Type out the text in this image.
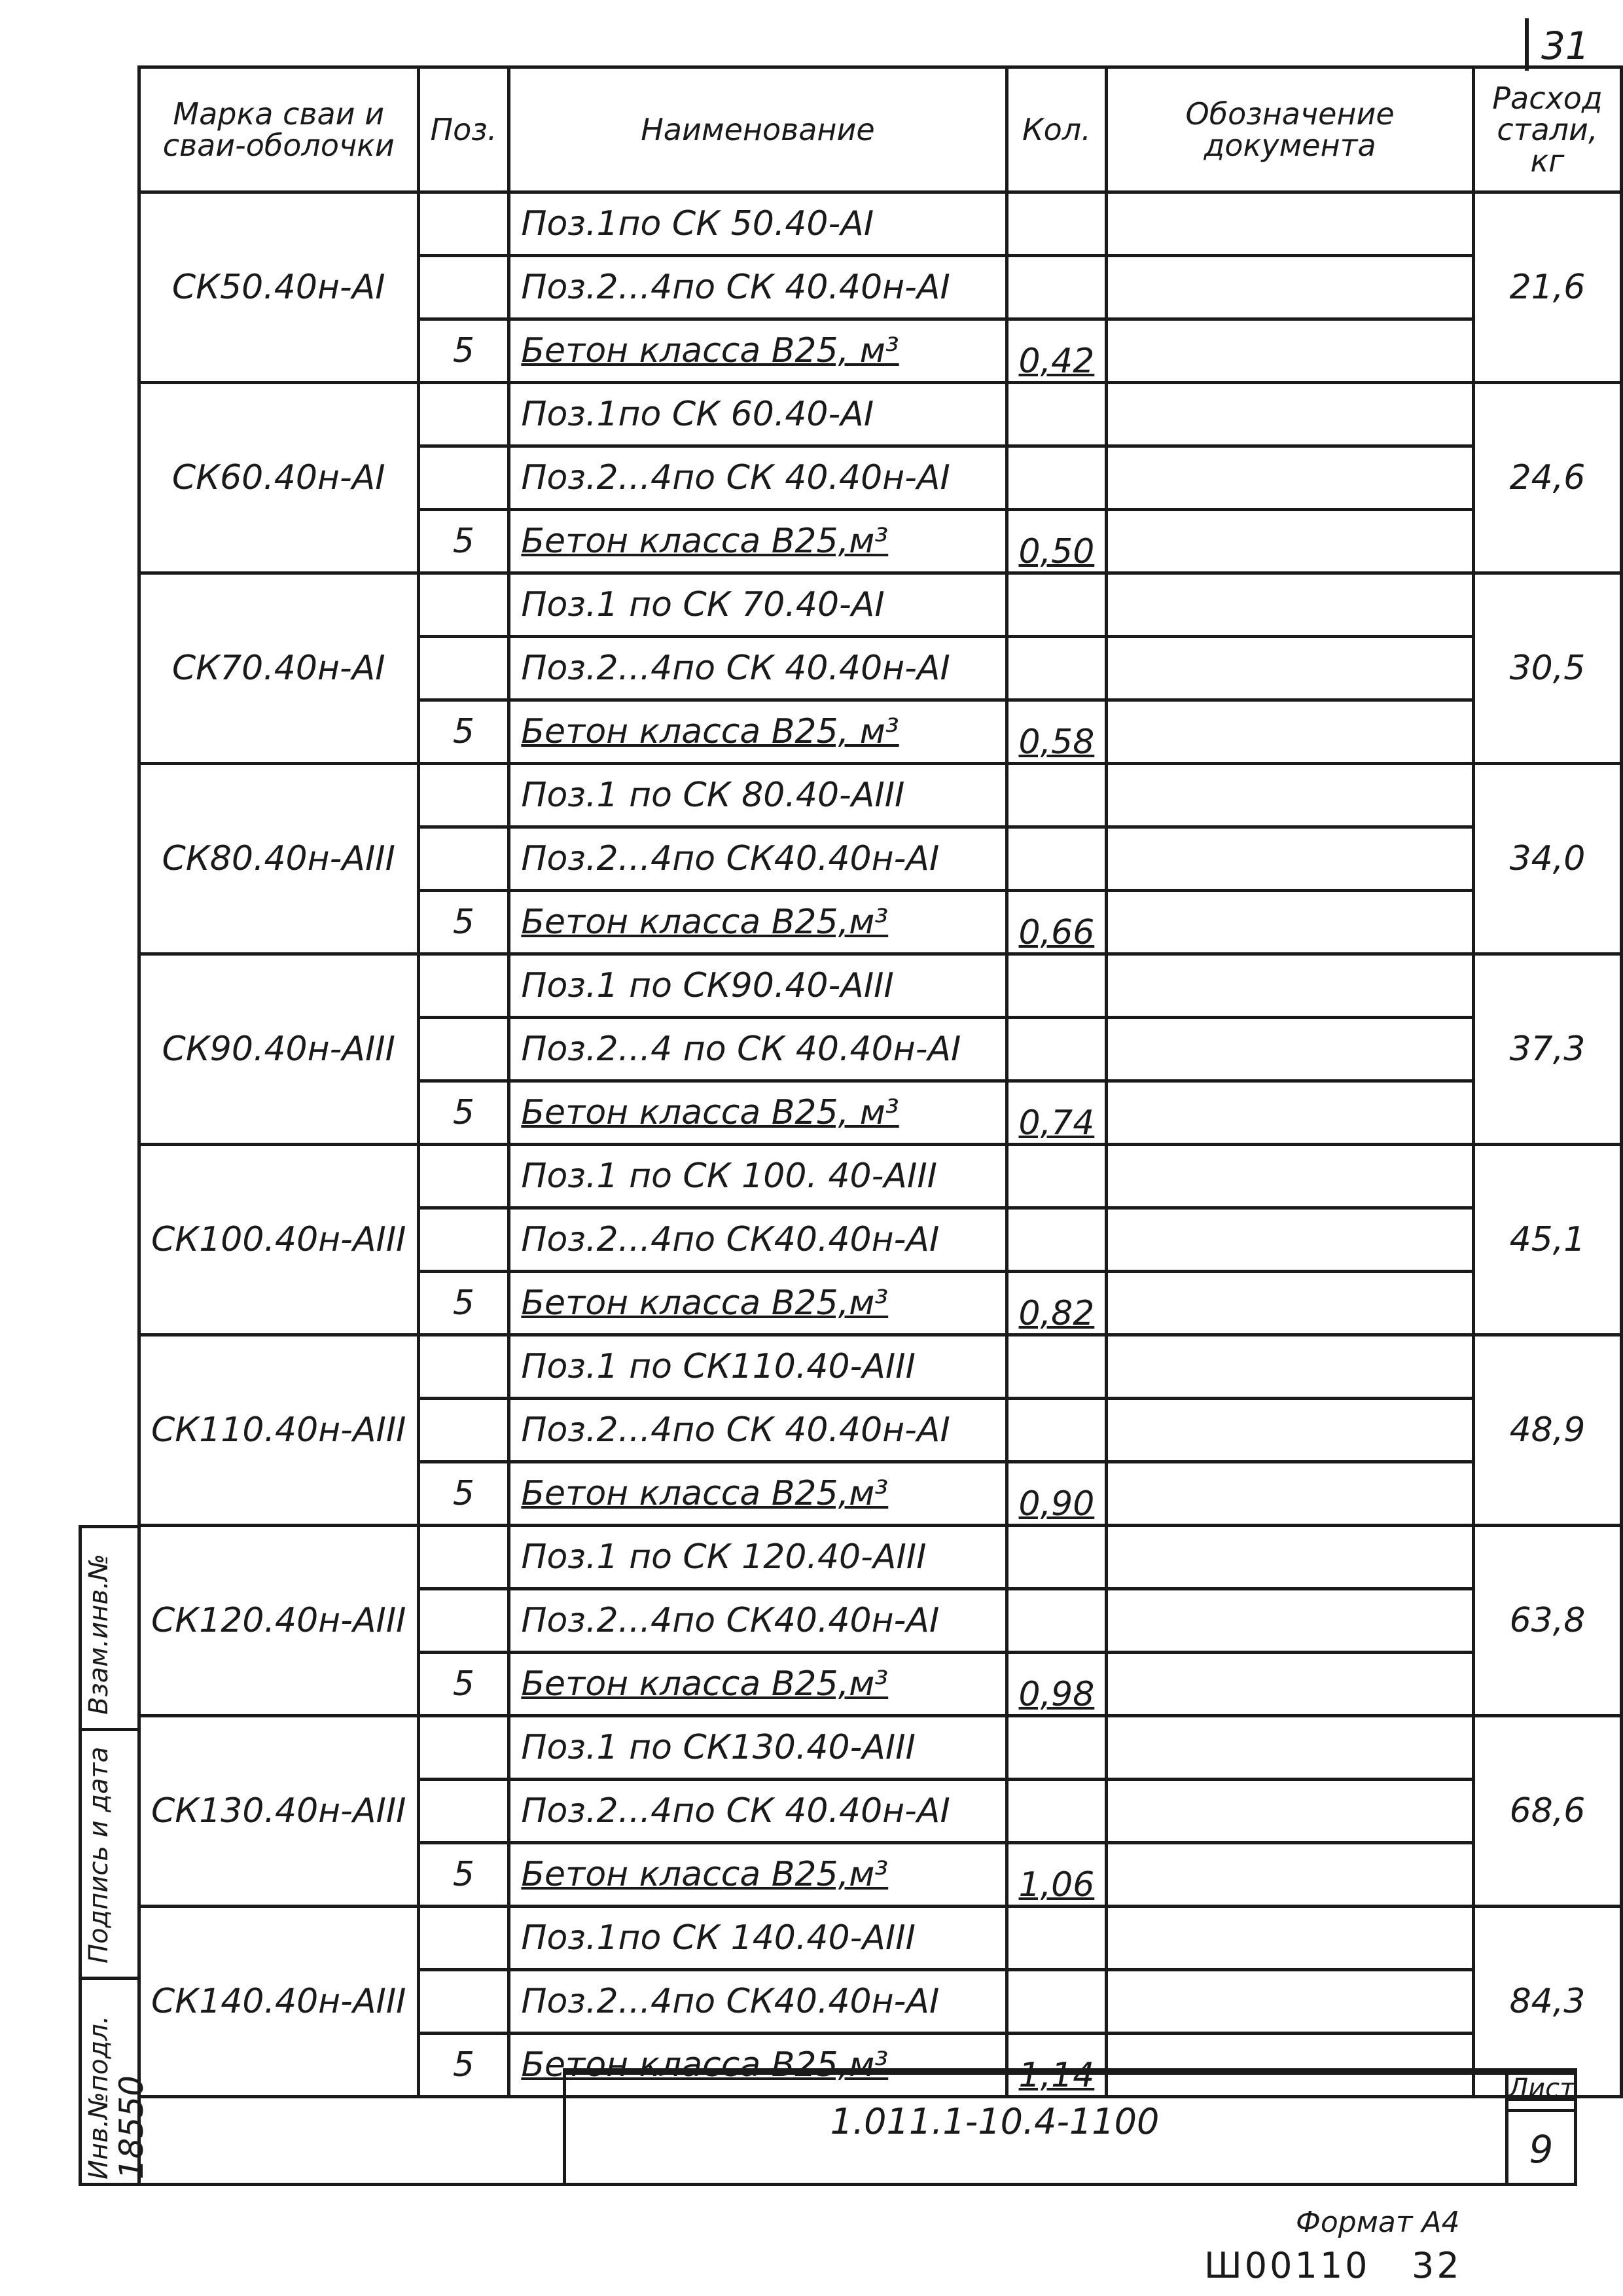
31
Марка сваи и сваи-оболочки	Поз.	Наименование	Кол.	Обозначение документа	Расход стали, кг

СК50.40н-АI		Поз.1по СК 50.40-АI			21,6
		Поз.2...4по СК 40.40н-АI			
	5	Бетон класса В25, м³	0,42		
СК60.40н-АI		Поз.1по СК 60.40-АI			24,6
		Поз.2...4по СК 40.40н-АI			
	5	Бетон класса В25,м³	0,50		
СК70.40н-АI		Поз.1 по СК 70.40-АI			30,5
		Поз.2...4по СК 40.40н-АI			
	5	Бетон класса В25, м³	0,58		
СК80.40н-АIII		Поз.1 по СК 80.40-АIII			34,0
		Поз.2...4по СК40.40н-АI			
	5	Бетон класса В25,м³	0,66		
СК90.40н-АIII		Поз.1 по СК90.40-АIII			37,3
		Поз.2...4 по СК 40.40н-АI			
	5	Бетон класса В25, м³	0,74		
СК100.40н-АIII		Поз.1 по СК 100. 40-АIII			45,1
		Поз.2...4по СК40.40н-АI			
	5	Бетон класса В25,м³	0,82		
СК110.40н-АIII		Поз.1 по СК110.40-АIII			48,9
		Поз.2...4по СК 40.40н-АI			
	5	Бетон класса В25,м³	0,90		
СК120.40н-АIII		Поз.1 по СК 120.40-АIII			63,8
		Поз.2...4по СК40.40н-АI			
	5	Бетон класса В25,м³	0,98		
СК130.40н-АIII		Поз.1 по СК130.40-АIII			68,6
		Поз.2...4по СК 40.40н-АI			
	5	Бетон класса В25,м³	1,06		
СК140.40н-АIII		Поз.1по СК 140.40-АIII			84,3
		Поз.2...4по СК40.40н-АI			
	5	Бетон класса В25,м³	1,14		
1.011.1-10.4-1100
Лист
9
Формат А4
Ш00110 32
Взам.инв.№
Подпись и дата
Инв.№подл.
18550
